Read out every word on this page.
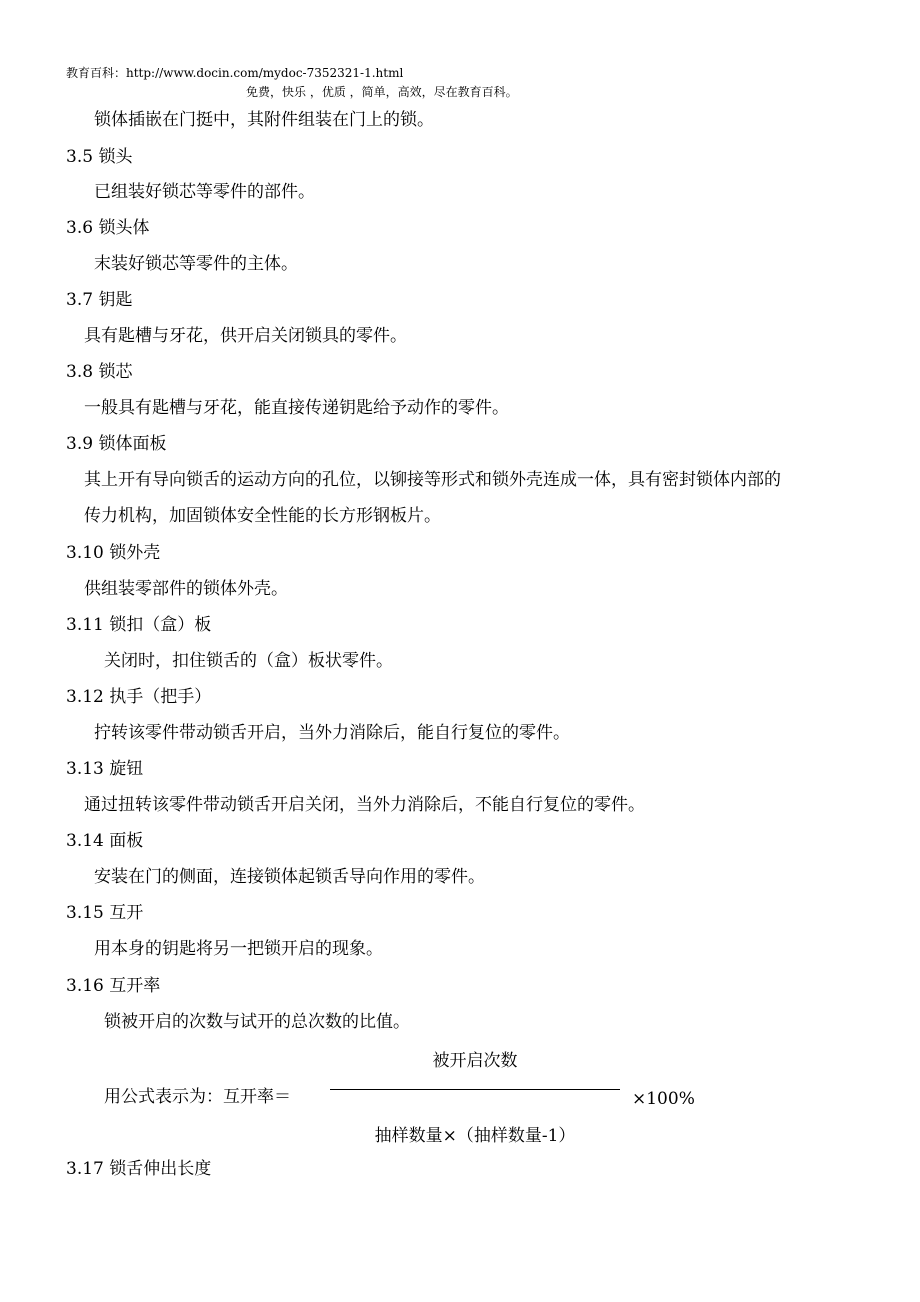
教育百科：http://www.docin.com/mydoc-7352321-1.html
免费，快乐 ，优质 ，简单，高效，尽在教育百科。
锁体插嵌在门挺中，其附件组装在门上的锁。
3.5 锁头
已组装好锁芯等零件的部件。
3.6 锁头体
末装好锁芯等零件的主体。
3.7 钥匙
具有匙槽与牙花，供开启关闭锁具的零件。
3.8 锁芯
一般具有匙槽与牙花，能直接传递钥匙给予动作的零件。
3.9 锁体面板
其上开有导向锁舌的运动方向的孔位，以铆接等形式和锁外壳连成一体，具有密封锁体内部的
传力机构，加固锁体安全性能的长方形钢板片。
3.10 锁外壳
供组装零部件的锁体外壳。
3.11 锁扣（盒）板
关闭时，扣住锁舌的（盒）板状零件。
3.12 执手（把手）
拧转该零件带动锁舌开启，当外力消除后，能自行复位的零件。
3.13 旋钮
通过扭转该零件带动锁舌开启关闭，当外力消除后，不能自行复位的零件。
3.14 面板
安装在门的侧面，连接锁体起锁舌导向作用的零件。
3.15 互开
用本身的钥匙将另一把锁开启的现象。
3.16 互开率
锁被开启的次数与试开的总次数的比值。
用公式表示为：互开率＝
被开启次数
×100%
抽样数量×（抽样数量-1）
3.17 锁舌伸出长度
